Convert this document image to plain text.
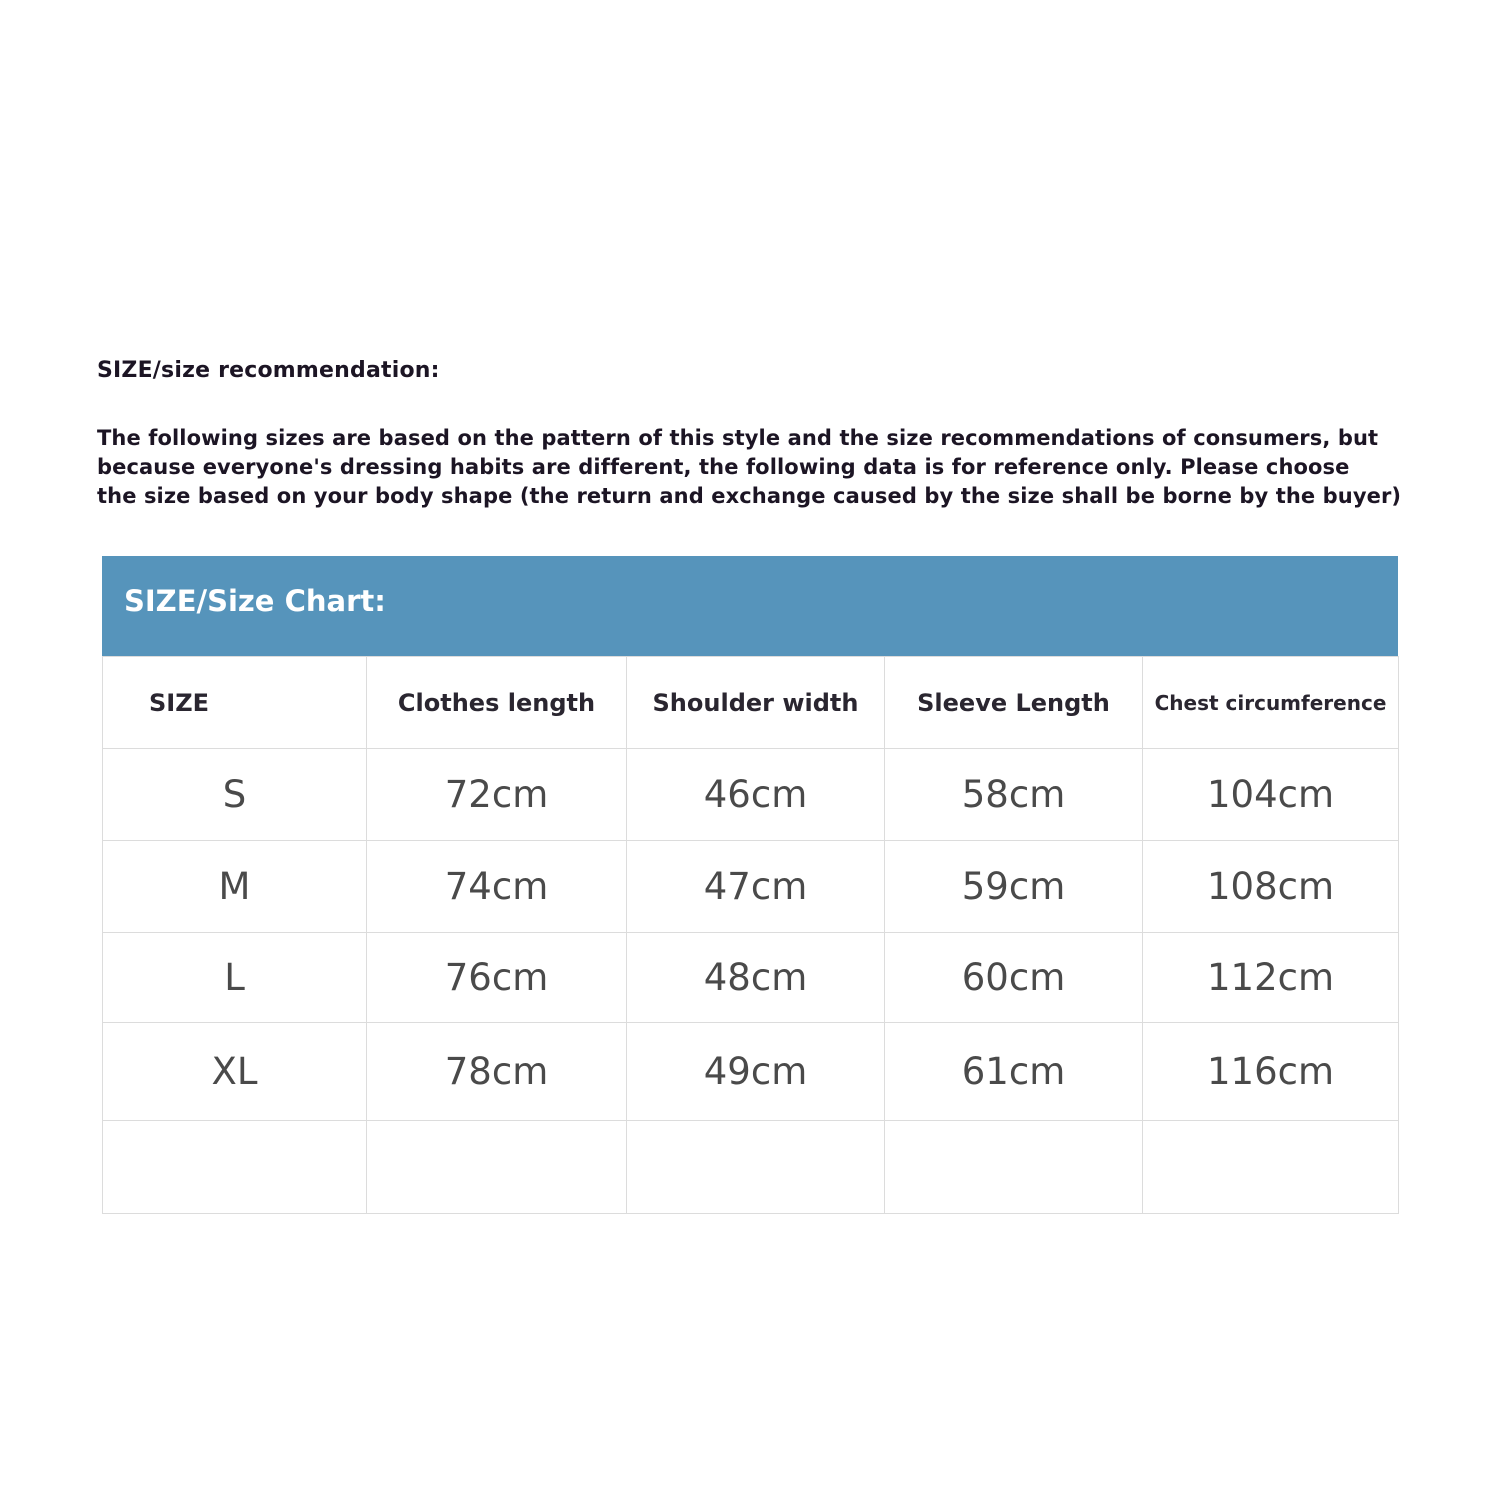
SIZE/size recommendation:
The following sizes are based on the pattern of this style and the size recommendations of consumers, but
because everyone's dressing habits are different, the following data is for reference only. Please choose
the size based on your body shape (the return and exchange caused by the size shall be borne by the buyer)
SIZE/Size Chart:
SIZE	Clothes length	Shoulder width	Sleeve Length	Chest circumference
S	72cm	46cm	58cm	104cm
M	74cm	47cm	59cm	108cm
L	76cm	48cm	60cm	112cm
XL	78cm	49cm	61cm	116cm
